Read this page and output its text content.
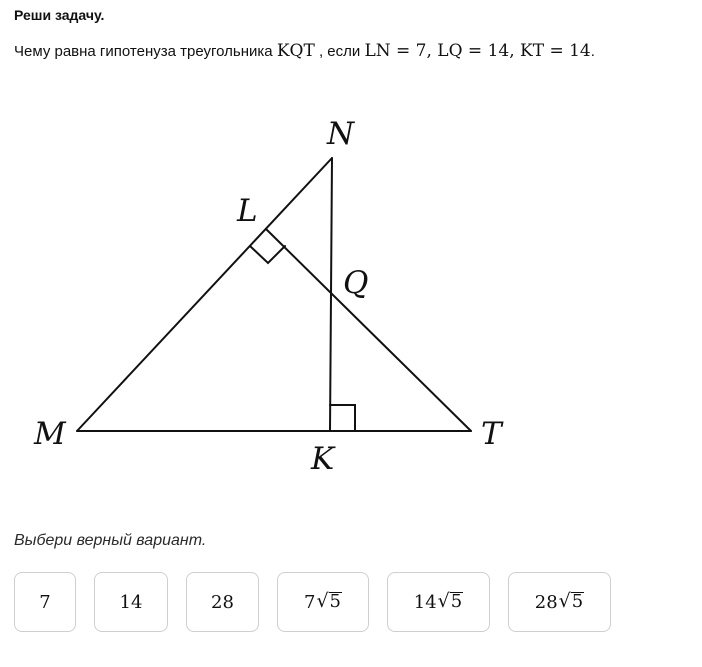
Реши задачу.
Чему равна гипотенуза треугольника KQT , если LN = 7, LQ = 14, KT = 14.
N
L
Q
M
K
T
Выбери верный вариант.
7	14	28	7 √ 5	14 √ 5	28 √ 5
